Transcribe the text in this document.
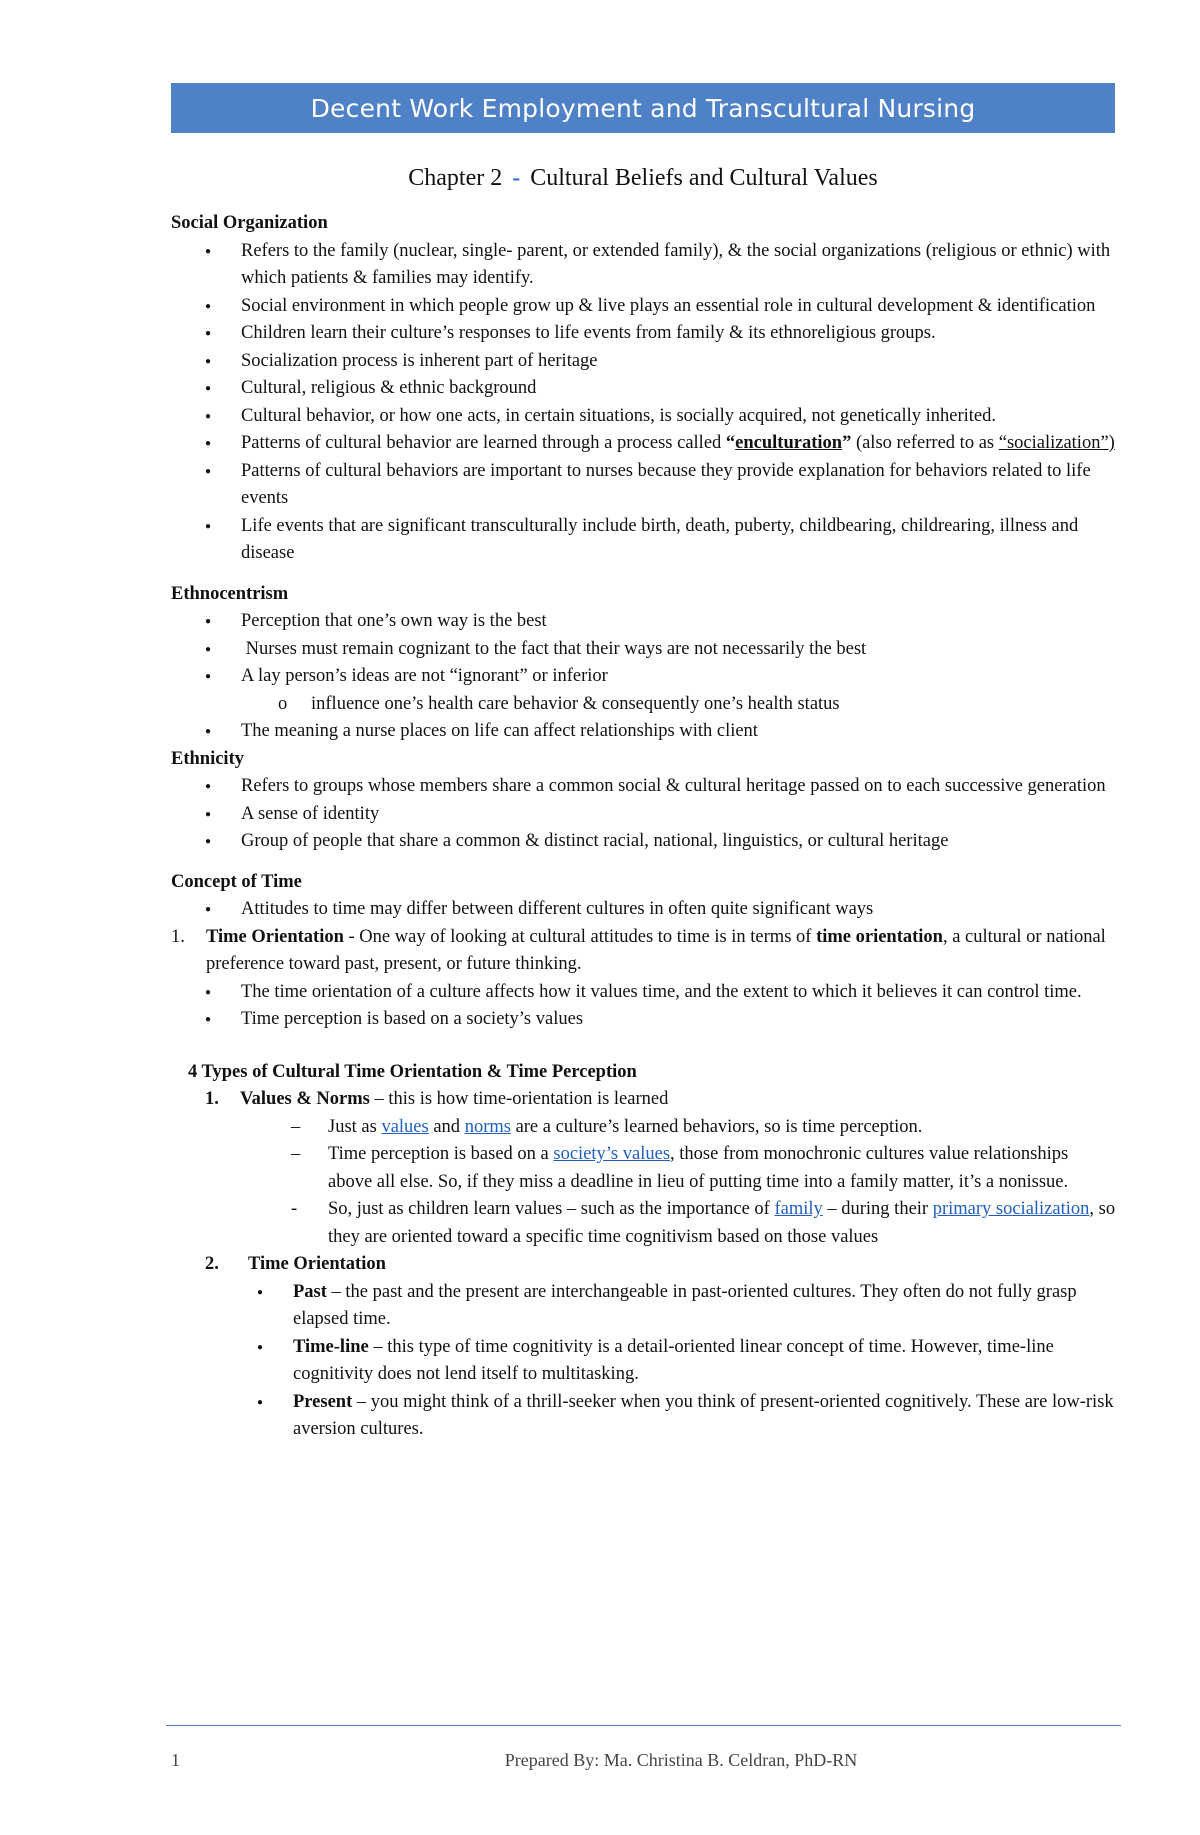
Decent Work Employment and Transcultural Nursing
Chapter 2 - Cultural Beliefs and Cultural Values

Social Organization

● Refers to the family (nuclear, single- parent, or extended family), & the social organizations (religious or ethnic) with which patients & families may identify.
● Social environment in which people grow up & live plays an essential role in cultural development & identification
● Children learn their culture’s responses to life events from family & its ethnoreligious groups.
● Socialization process is inherent part of heritage
● Cultural, religious & ethnic background
● Cultural behavior, or how one acts, in certain situations, is socially acquired, not genetically inherited.
● Patterns of cultural behavior are learned through a process called “enculturation” (also referred to as “socialization”)
● Patterns of cultural behaviors are important to nurses because they provide explanation for behaviors related to life events
● Life events that are significant transculturally include birth, death, puberty, childbearing, childrearing, illness and disease

Ethnocentrism

● Perception that one’s own way is the best
●  Nurses must remain cognizant to the fact that their ways are not necessarily the best
● A lay person’s ideas are not “ignorant” or inferior
o influence one’s health care behavior & consequently one’s health status
● The meaning a nurse places on life can affect relationships with client

Ethnicity

● Refers to groups whose members share a common social & cultural heritage passed on to each successive generation
● A sense of identity
● Group of people that share a common & distinct racial, national, linguistics, or cultural heritage

Concept of Time

● Attitudes to time may differ between different cultures in often quite significant ways
1. Time Orientation - One way of looking at cultural attitudes to time is in terms of time orientation, a cultural or national preference toward past, present, or future thinking.
● The time orientation of a culture affects how it values time, and the extent to which it believes it can control time.
● Time perception is based on a society’s values

4 Types of Cultural Time Orientation & Time Perception

1. Values & Norms – this is how time-orientation is learned
– Just as values and norms are a culture’s learned behaviors, so is time perception.
– Time perception is based on a society’s values, those from monochronic cultures value relationships above all else. So, if they miss a deadline in lieu of putting time into a family matter, it’s a nonissue.
- So, just as children learn values – such as the importance of family – during their primary socialization, so they are oriented toward a specific time cognitivism based on those values
2. Time Orientation
● Past – the past and the present are interchangeable in past-oriented cultures. They often do not fully grasp elapsed time.
● Time-line – this type of time cognitivity is a detail-oriented linear concept of time. However, time-line cognitivity does not lend itself to multitasking.
● Present – you might think of a thrill-seeker when you think of present-oriented cognitively. These are low-risk aversion cultures.
1	Prepared By: Ma. Christina B. Celdran, PhD-RN
